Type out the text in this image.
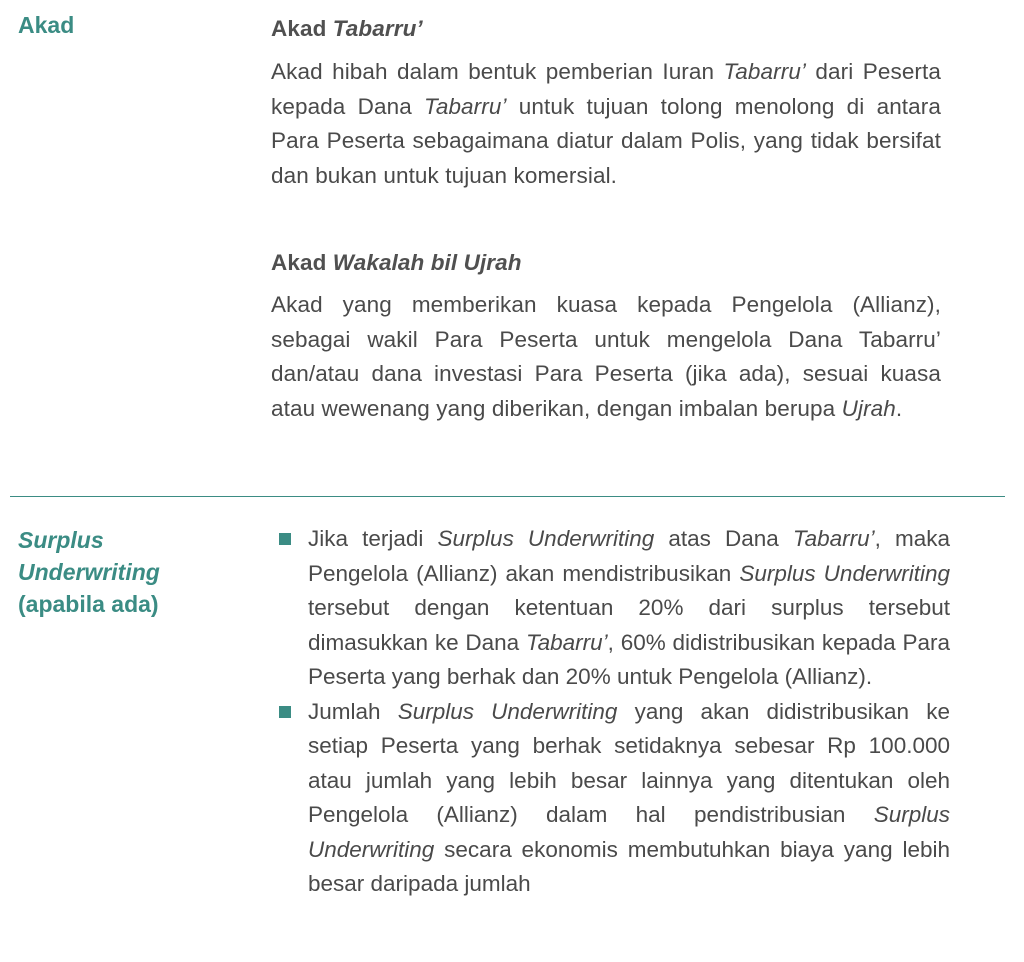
Akad	Akad Tabarru’

Akad hibah dalam bentuk pemberian Iuran Tabarru’ dari Peserta kepada Dana Tabarru’ untuk tujuan tolong menolong di antara Para Peserta sebagaimana diatur dalam Polis, yang tidak bersifat dan bukan untuk tujuan komersial.

Akad Wakalah bil Ujrah

Akad yang memberikan kuasa kepada Pengelola (Allianz), sebagai wakil Para Peserta untuk mengelola Dana Tabarru’ dan/atau dana investasi Para Peserta (jika ada), sesuai kuasa atau wewenang yang diberikan, dengan imbalan berupa Ujrah.

Surplus
Underwriting
(apabila ada)
Jika terjadi Surplus Underwriting atas Dana Tabarru’, maka Pengelola (Allianz) akan mendistribusikan Surplus Underwriting tersebut dengan ketentuan 20% dari surplus tersebut dimasukkan ke Dana Tabarru’, 60% didistribusikan kepada Para Peserta yang berhak dan 20% untuk Pengelola (Allianz).
Jumlah Surplus Underwriting yang akan didistribusikan ke setiap Peserta yang berhak setidaknya sebesar Rp 100.000 atau jumlah yang lebih besar lainnya yang ditentukan oleh Pengelola (Allianz) dalam hal pendistribusian Surplus Underwriting secara ekonomis membutuhkan biaya yang lebih besar daripada jumlah
